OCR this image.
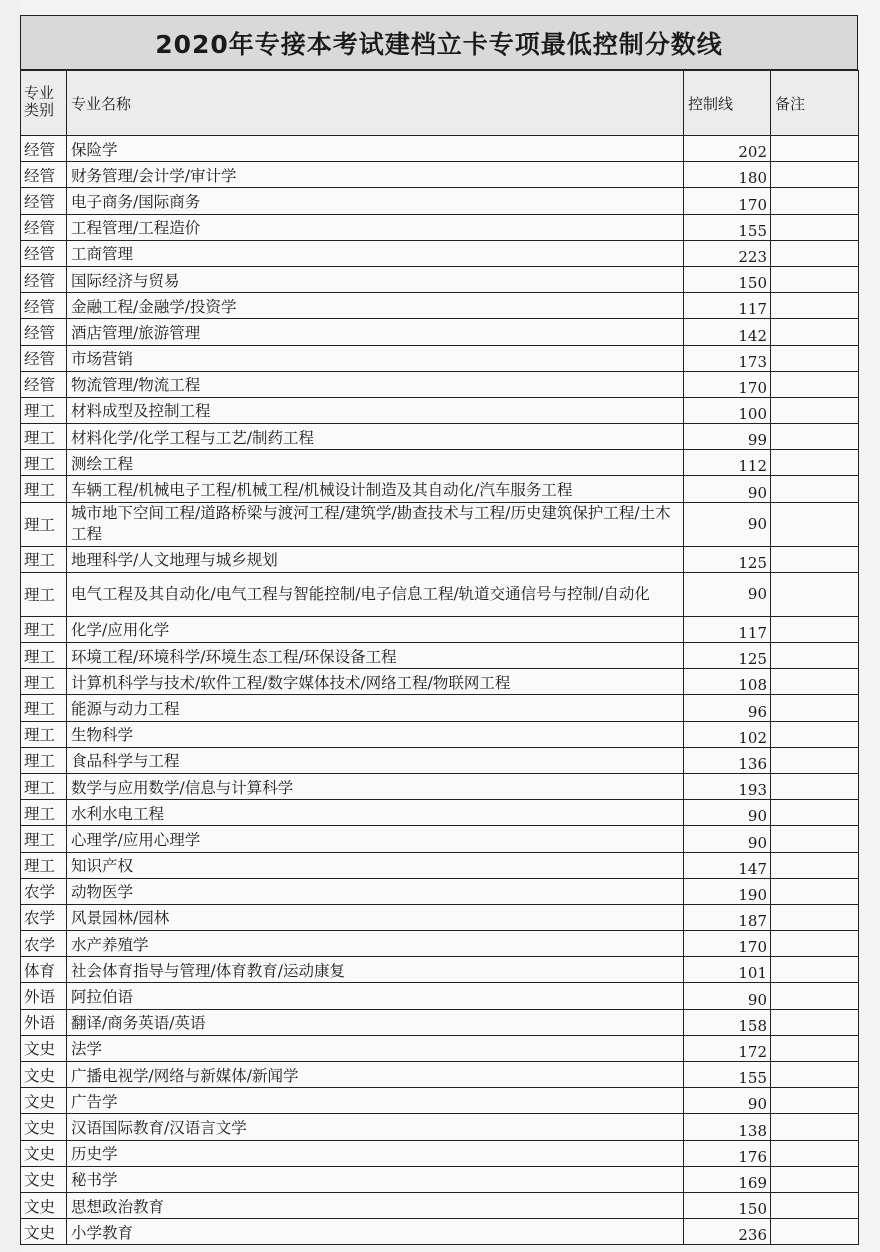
2020年专接本考试建档立卡专项最低控制分数线
专业类别	专业名称	控制线	备注
经管	保险学	202	
经管	财务管理/会计学/审计学	180	
经管	电子商务/国际商务	170	
经管	工程管理/工程造价	155	
经管	工商管理	223	
经管	国际经济与贸易	150	
经管	金融工程/金融学/投资学	117	
经管	酒店管理/旅游管理	142	
经管	市场营销	173	
经管	物流管理/物流工程	170	
理工	材料成型及控制工程	100	
理工	材料化学/化学工程与工艺/制药工程	99	
理工	测绘工程	112	
理工	车辆工程/机械电子工程/机械工程/机械设计制造及其自动化/汽车服务工程	90	
理工	城市地下空间工程/道路桥梁与渡河工程/建筑学/勘查技术与工程/历史建筑保护工程/土木工程	90	
理工	地理科学/人文地理与城乡规划	125	
理工	电气工程及其自动化/电气工程与智能控制/电子信息工程/轨道交通信号与控制/自动化	90	
理工	化学/应用化学	117	
理工	环境工程/环境科学/环境生态工程/环保设备工程	125	
理工	计算机科学与技术/软件工程/数字媒体技术/网络工程/物联网工程	108	
理工	能源与动力工程	96	
理工	生物科学	102	
理工	食品科学与工程	136	
理工	数学与应用数学/信息与计算科学	193	
理工	水利水电工程	90	
理工	心理学/应用心理学	90	
理工	知识产权	147	
农学	动物医学	190	
农学	风景园林/园林	187	
农学	水产养殖学	170	
体育	社会体育指导与管理/体育教育/运动康复	101	
外语	阿拉伯语	90	
外语	翻译/商务英语/英语	158	
文史	法学	172	
文史	广播电视学/网络与新媒体/新闻学	155	
文史	广告学	90	
文史	汉语国际教育/汉语言文学	138	
文史	历史学	176	
文史	秘书学	169	
文史	思想政治教育	150	
文史	小学教育	236	
